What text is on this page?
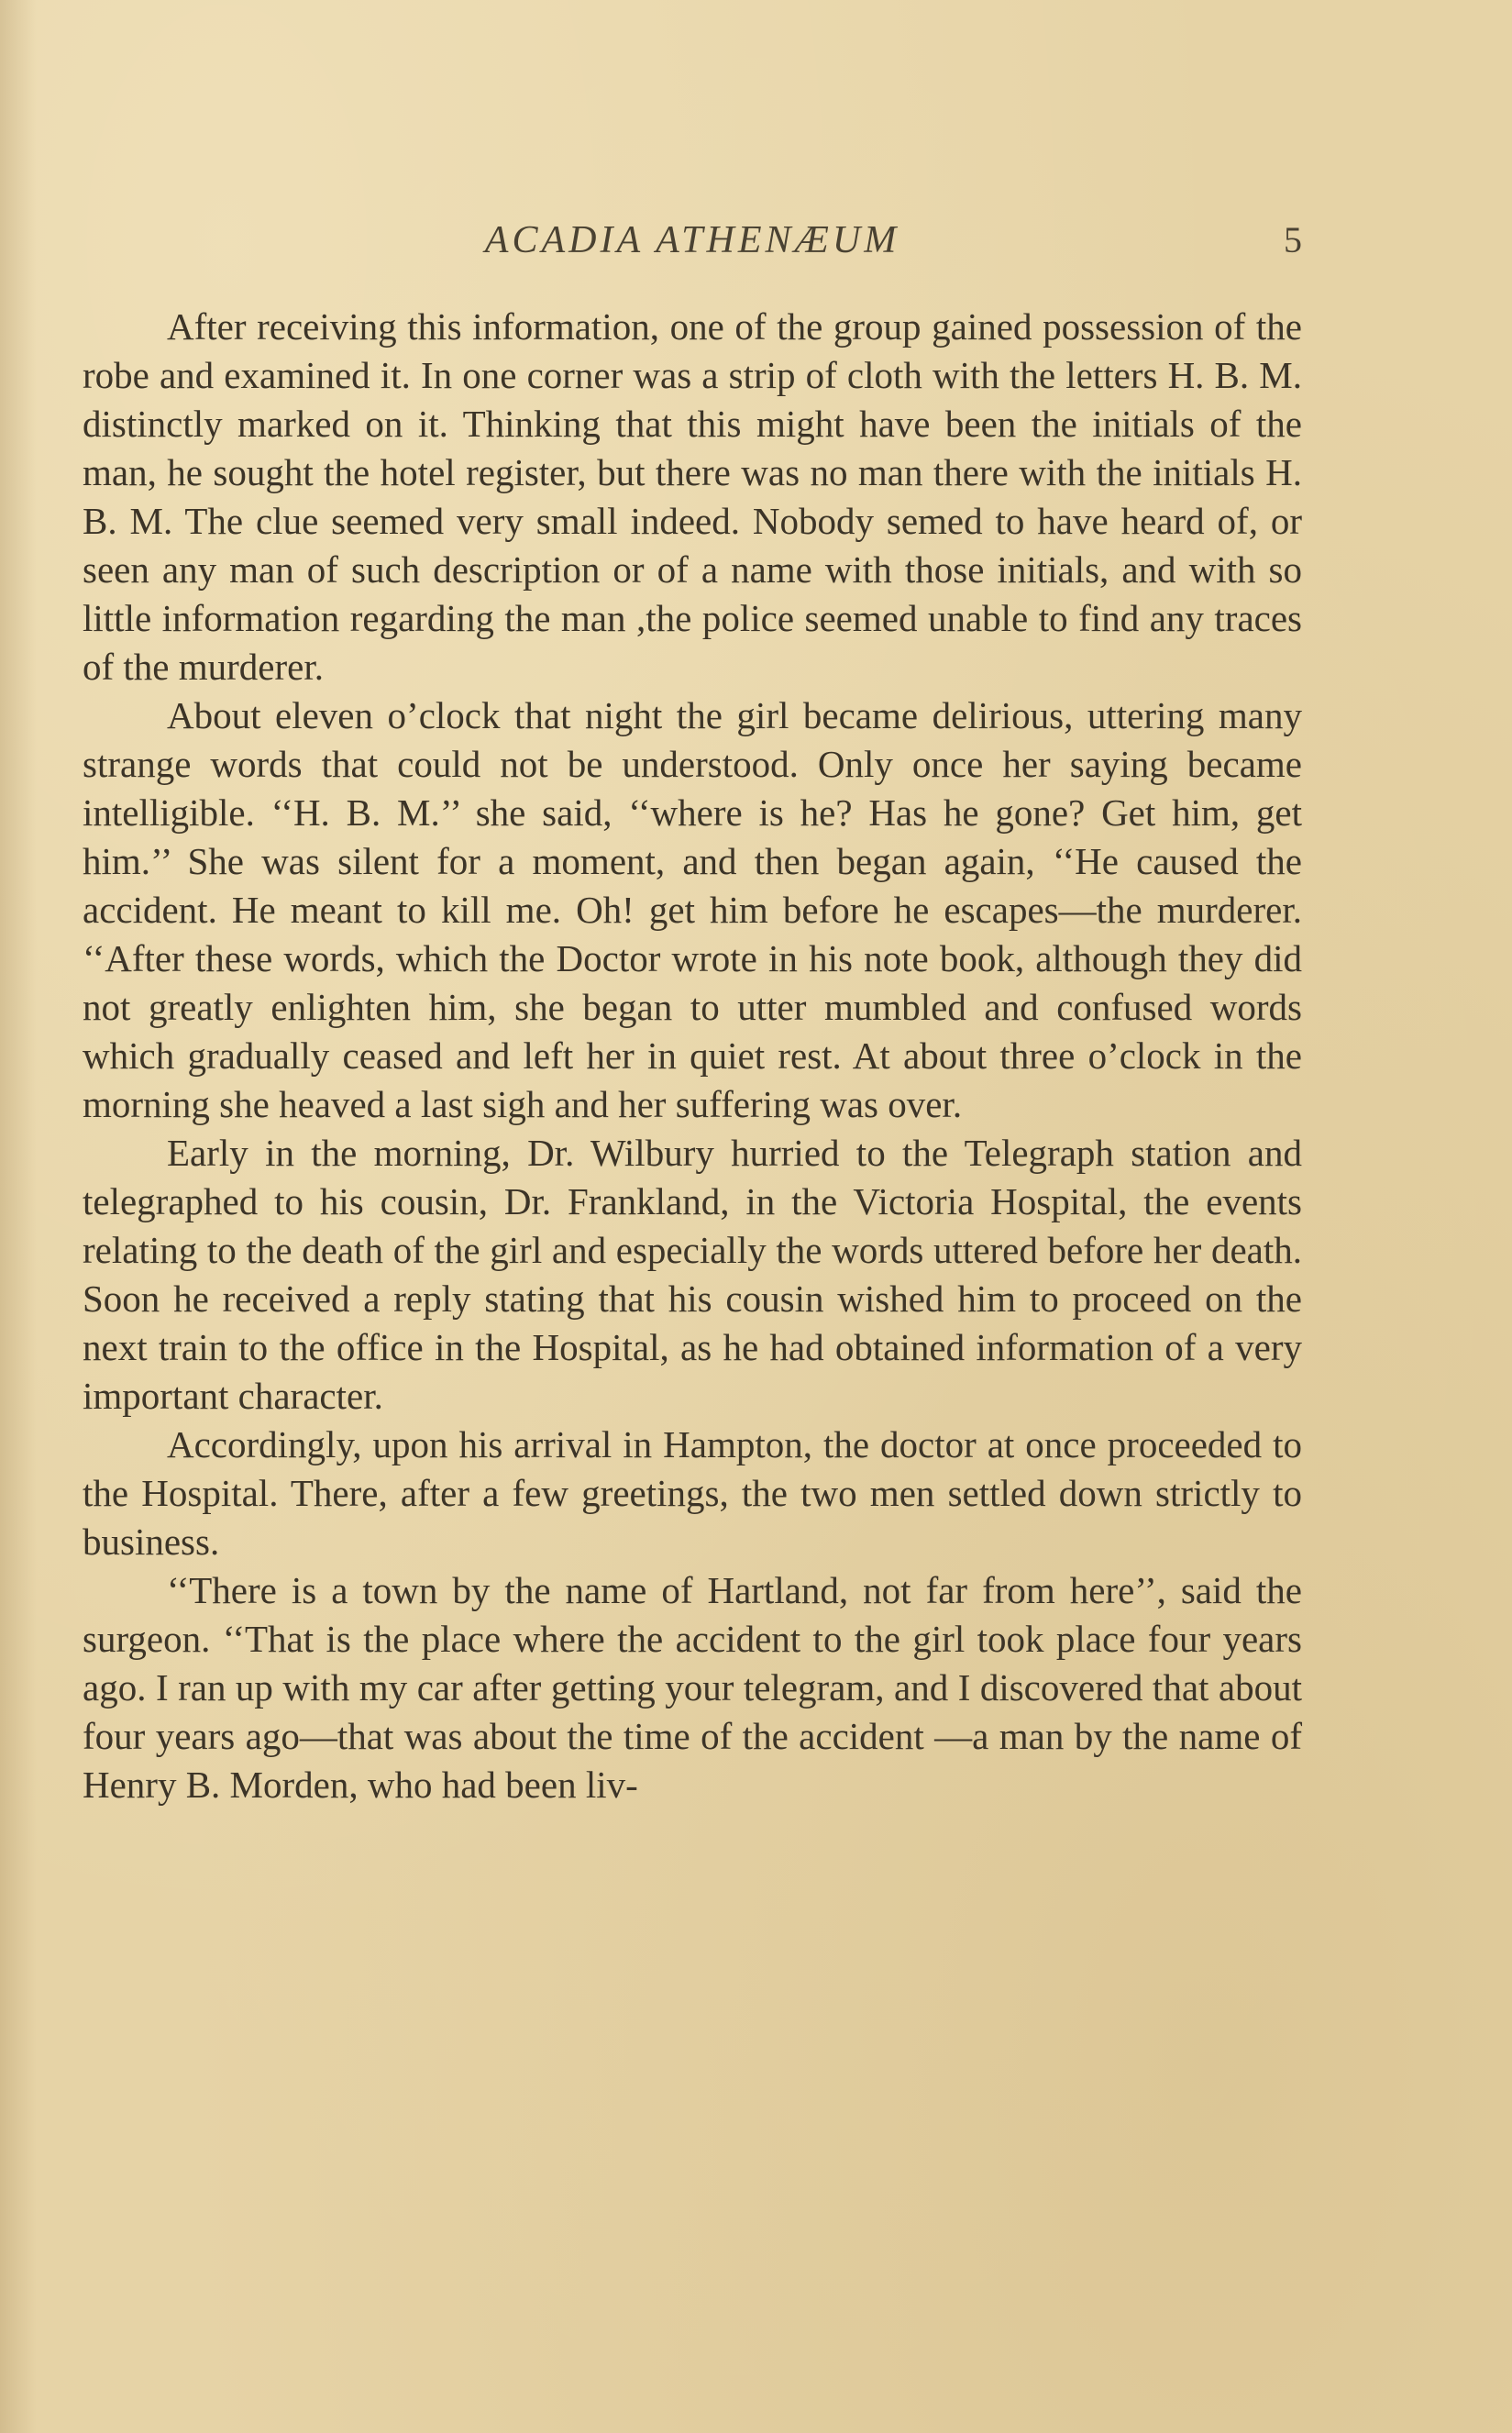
ACADIA ATHENÆUM	5

After receiving this information, one of the group gained possession of the robe and examined it. In one corner was a strip of cloth with the letters H. B. M. distinctly marked on it. Thinking that this might have been the initials of the man, he sought the hotel register, but there was no man there with the initials H. B. M. The clue seemed very small indeed. Nobody semed to have heard of, or seen any man of such description or of a name with those initials, and with so little information regarding the man ,the police seemed unable to find any traces of the murderer.

About eleven o’clock that night the girl became delirious, uttering many strange words that could not be understood. Only once her saying became intelligible. ‘‘H. B. M.’’ she said, ‘‘where is he? Has he gone? Get him, get him.’’ She was silent for a moment, and then began again, ‘‘He caused the accident. He meant to kill me. Oh! get him before he escapes—the murderer. ‘‘After these words, which the Doctor wrote in his note book, although they did not greatly enlighten him, she began to utter mumbled and confused words which gradually ceased and left her in quiet rest. At about three o’clock in the morning she heaved a last sigh and her suffering was over.

Early in the morning, Dr. Wilbury hurried to the Telegraph station and telegraphed to his cousin, Dr. Frankland, in the Victoria Hospital, the events relating to the death of the girl and especially the words uttered before her death. Soon he received a reply stating that his cousin wished him to proceed on the next train to the office in the Hospital, as he had obtained information of a very important character.

Accordingly, upon his arrival in Hampton, the doctor at once proceeded to the Hospital. There, after a few greetings, the two men settled down strictly to business.

‘‘There is a town by the name of Hartland, not far from here’’, said the surgeon. ‘‘That is the place where the accident to the girl took place four years ago. I ran up with my car after getting your telegram, and I discovered that about four years ago—that was about the time of the accident —a man by the name of Henry B. Morden, who had been liv-
